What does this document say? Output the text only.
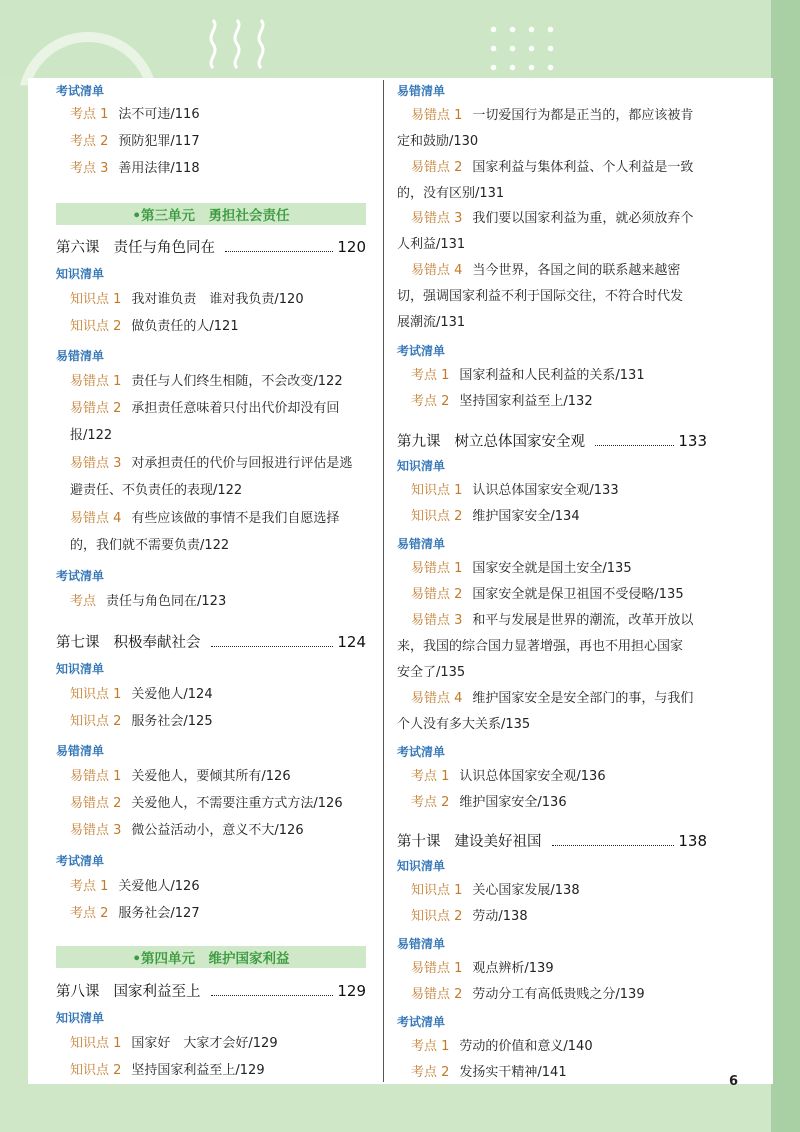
考试清单
考点 1 法不可违/116
考点 2 预防犯罪/117
考点 3 善用法律/118
•第三单元　勇担社会责任
第六课 责任与角色同在	120
知识清单
知识点 1 我对谁负责　谁对我负责/120
知识点 2 做负责任的人/121
易错清单
易错点 1 责任与人们终生相随，不会改变/122
易错点 2 承担责任意味着只付出代价却没有回
报/122
易错点 3 对承担责任的代价与回报进行评估是逃
避责任、不负责任的表现/122
易错点 4 有些应该做的事情不是我们自愿选择
的，我们就不需要负责/122
考试清单
考点 责任与角色同在/123
第七课 积极奉献社会	124
知识清单
知识点 1 关爱他人/124
知识点 2 服务社会/125
易错清单
易错点 1 关爱他人，要倾其所有/126
易错点 2 关爱他人，不需要注重方式方法/126
易错点 3 微公益活动小，意义不大/126
考试清单
考点 1 关爱他人/126
考点 2 服务社会/127
•第四单元　维护国家利益
第八课 国家利益至上	129
知识清单
知识点 1 国家好　大家才会好/129
知识点 2 坚持国家利益至上/129
易错清单
易错点 1 一切爱国行为都是正当的，都应该被肯
定和鼓励/130
易错点 2 国家利益与集体利益、个人利益是一致
的，没有区别/131
易错点 3 我们要以国家利益为重，就必须放弃个
人利益/131
易错点 4 当今世界，各国之间的联系越来越密
切，强调国家利益不利于国际交往，不符合时代发
展潮流/131
考试清单
考点 1 国家利益和人民利益的关系/131
考点 2 坚持国家利益至上/132
第九课 树立总体国家安全观	133
知识清单
知识点 1 认识总体国家安全观/133
知识点 2 维护国家安全/134
易错清单
易错点 1 国家安全就是国土安全/135
易错点 2 国家安全就是保卫祖国不受侵略/135
易错点 3 和平与发展是世界的潮流，改革开放以
来，我国的综合国力显著增强，再也不用担心国家
安全了/135
易错点 4 维护国家安全是安全部门的事，与我们
个人没有多大关系/135
考试清单
考点 1 认识总体国家安全观/136
考点 2 维护国家安全/136
第十课 建设美好祖国	138
知识清单
知识点 1 关心国家发展/138
知识点 2 劳动/138
易错清单
易错点 1 观点辨析/139
易错点 2 劳动分工有高低贵贱之分/139
考试清单
考点 1 劳动的价值和意义/140
考点 2 发扬实干精神/141
6
